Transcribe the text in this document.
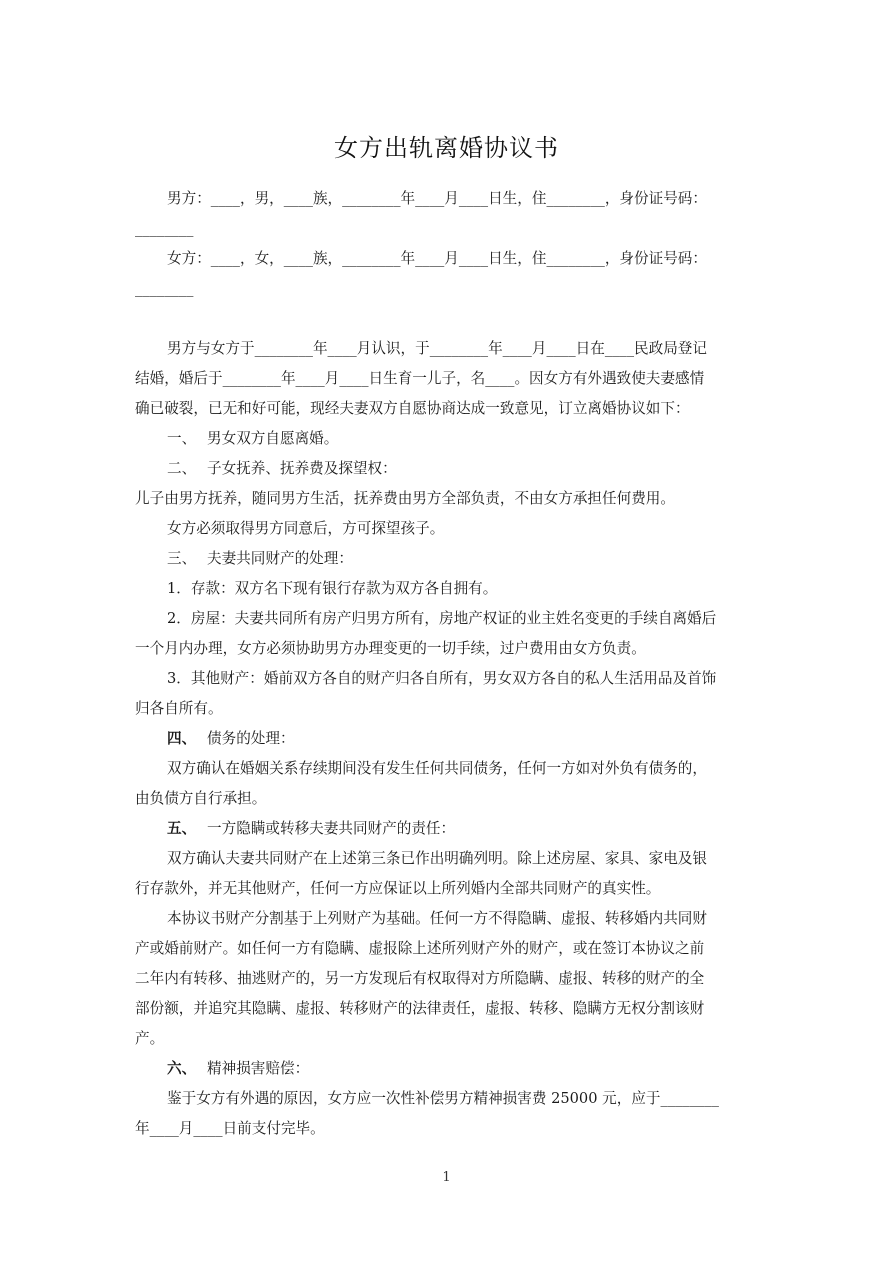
女方出轨离婚协议书
男方：____，男，____族，________年____月____日生，住________，身份证号码：
________
女方：____，女，____族，________年____月____日生，住________，身份证号码：
________
男方与女方于________年____月认识，于________年____月____日在____民政局登记
结婚，婚后于________年____月____日生育一儿子，名____。因女方有外遇致使夫妻感情
确已破裂，已无和好可能，现经夫妻双方自愿协商达成一致意见，订立离婚协议如下：
一、 男女双方自愿离婚。
二、 子女抚养、抚养费及探望权：
儿子由男方抚养，随同男方生活，抚养费由男方全部负责，不由女方承担任何费用。
女方必须取得男方同意后，方可探望孩子。
三、 夫妻共同财产的处理：
1．存款：双方名下现有银行存款为双方各自拥有。
2．房屋：夫妻共同所有房产归男方所有，房地产权证的业主姓名变更的手续自离婚后
一个月内办理，女方必须协助男方办理变更的一切手续，过户费用由女方负责。
3．其他财产：婚前双方各自的财产归各自所有，男女双方各自的私人生活用品及首饰
归各自所有。
四、 债务的处理：
双方确认在婚姻关系存续期间没有发生任何共同债务，任何一方如对外负有债务的，
由负债方自行承担。
五、 一方隐瞒或转移夫妻共同财产的责任：
双方确认夫妻共同财产在上述第三条已作出明确列明。除上述房屋、家具、家电及银
行存款外，并无其他财产，任何一方应保证以上所列婚内全部共同财产的真实性。
本协议书财产分割基于上列财产为基础。任何一方不得隐瞒、虚报、转移婚内共同财
产或婚前财产。如任何一方有隐瞒、虚报除上述所列财产外的财产，或在签订本协议之前
二年内有转移、抽逃财产的，另一方发现后有权取得对方所隐瞒、虚报、转移的财产的全
部份额，并追究其隐瞒、虚报、转移财产的法律责任，虚报、转移、隐瞒方无权分割该财
产。
六、 精神损害赔偿：
鉴于女方有外遇的原因，女方应一次性补偿男方精神损害费 25000 元，应于________
年____月____日前支付完毕。
1
